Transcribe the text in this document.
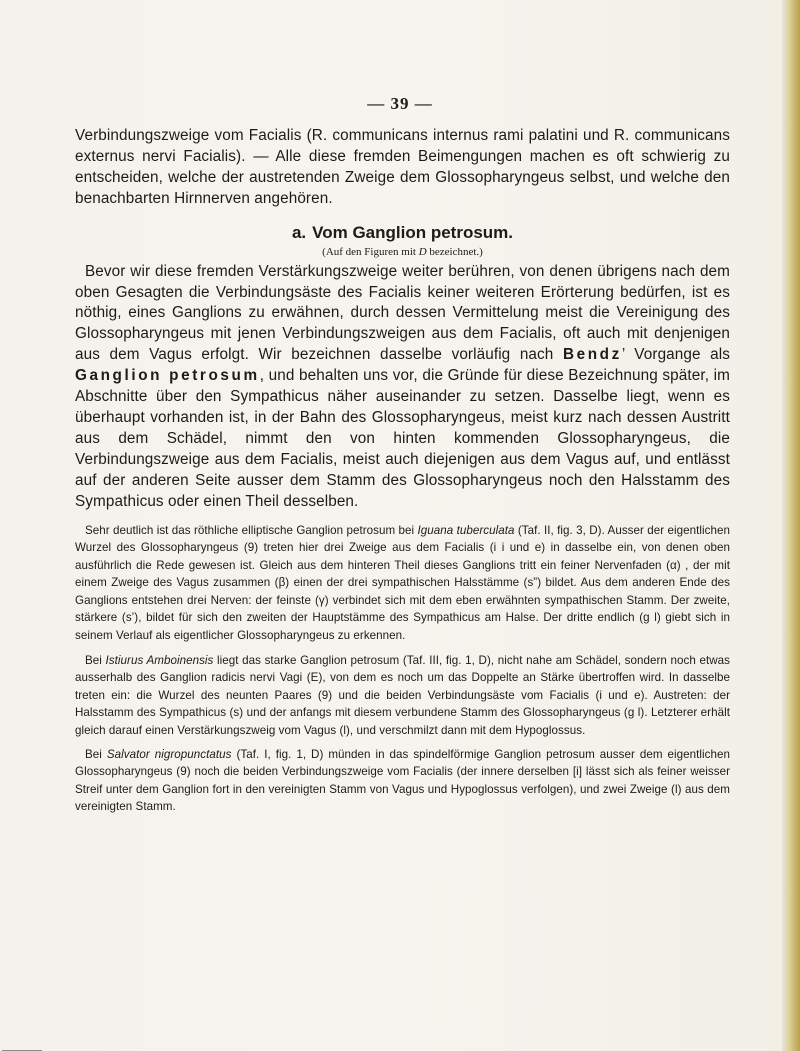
— 39 —

Verbindungszweige vom Facialis (R. communicans internus rami palatini und R. communicans externus nervi Facialis). — Alle diese fremden Beimengungen machen es oft schwierig zu entscheiden, welche der austretenden Zweige dem Glossopharyngeus selbst, und welche den benachbarten Hirnnerven angehören.

a. Vom Ganglion petrosum.
(Auf den Figuren mit D bezeichnet.)

Bevor wir diese fremden Verstärkungszweige weiter berühren, von denen übrigens nach dem oben Gesagten die Verbindungsäste des Facialis keiner weiteren Erörterung bedürfen, ist es nöthig, eines Ganglions zu erwähnen, durch dessen Vermittelung meist die Vereinigung des Glossopharyngeus mit jenen Verbindungszweigen aus dem Facialis, oft auch mit denjenigen aus dem Vagus erfolgt. Wir bezeichnen dasselbe vorläufig nach Bendz’ Vorgange als Ganglion petrosum, und behalten uns vor, die Gründe für diese Bezeichnung später, im Abschnitte über den Sympathicus näher auseinander zu setzen. Dasselbe liegt, wenn es überhaupt vorhanden ist, in der Bahn des Glossopharyngeus, meist kurz nach dessen Austritt aus dem Schädel, nimmt den von hinten kommenden Glossopharyngeus, die Verbindungszweige aus dem Facialis, meist auch diejenigen aus dem Vagus auf, und entlässt auf der anderen Seite ausser dem Stamm des Glossopharyngeus noch den Halsstamm des Sympathicus oder einen Theil desselben.

Sehr deutlich ist das röthliche elliptische Ganglion petrosum bei Iguana tuberculata (Taf. II, fig. 3, D). Ausser der eigentlichen Wurzel des Glossopharyngeus (9) treten hier drei Zweige aus dem Facialis (i i und e) in dasselbe ein, von denen oben ausführlich die Rede gewesen ist. Gleich aus dem hinteren Theil dieses Ganglions tritt ein feiner Nervenfaden (α) , der mit einem Zweige des Vagus zusammen (β) einen der drei sympathischen Halsstämme (s”) bildet. Aus dem anderen Ende des Ganglions entstehen drei Nerven: der feinste (γ) verbindet sich mit dem eben erwähnten sympathischen Stamm. Der zweite, stärkere (s’), bildet für sich den zweiten der Hauptstämme des Sympathicus am Halse. Der dritte endlich (g l) giebt sich in seinem Verlauf als eigentlicher Glossopharyngeus zu erkennen.

Bei Istiurus Amboinensis liegt das starke Ganglion petrosum (Taf. III, fig. 1, D), nicht nahe am Schädel, sondern noch etwas ausserhalb des Ganglion radicis nervi Vagi (E), von dem es noch um das Doppelte an Stärke übertroffen wird. In dasselbe treten ein: die Wurzel des neunten Paares (9) und die beiden Verbindungsäste vom Facialis (i und e). Austreten: der Halsstamm des Sympathicus (s) und der anfangs mit diesem verbundene Stamm des Glossopharyngeus (g l). Letzterer erhält gleich darauf einen Verstärkungszweig vom Vagus (l), und verschmilzt dann mit dem Hypoglossus.

Bei Salvator nigropunctatus (Taf. I, fig. 1, D) münden in das spindelförmige Ganglion petrosum ausser dem eigentlichen Glossopharyngeus (9) noch die beiden Verbindungszweige vom Facialis (der innere derselben [i] lässt sich als feiner weisser Streif unter dem Ganglion fort in den vereinigten Stamm von Vagus und Hypoglossus verfolgen), und zwei Zweige (l) aus dem vereinigten Stamm.
